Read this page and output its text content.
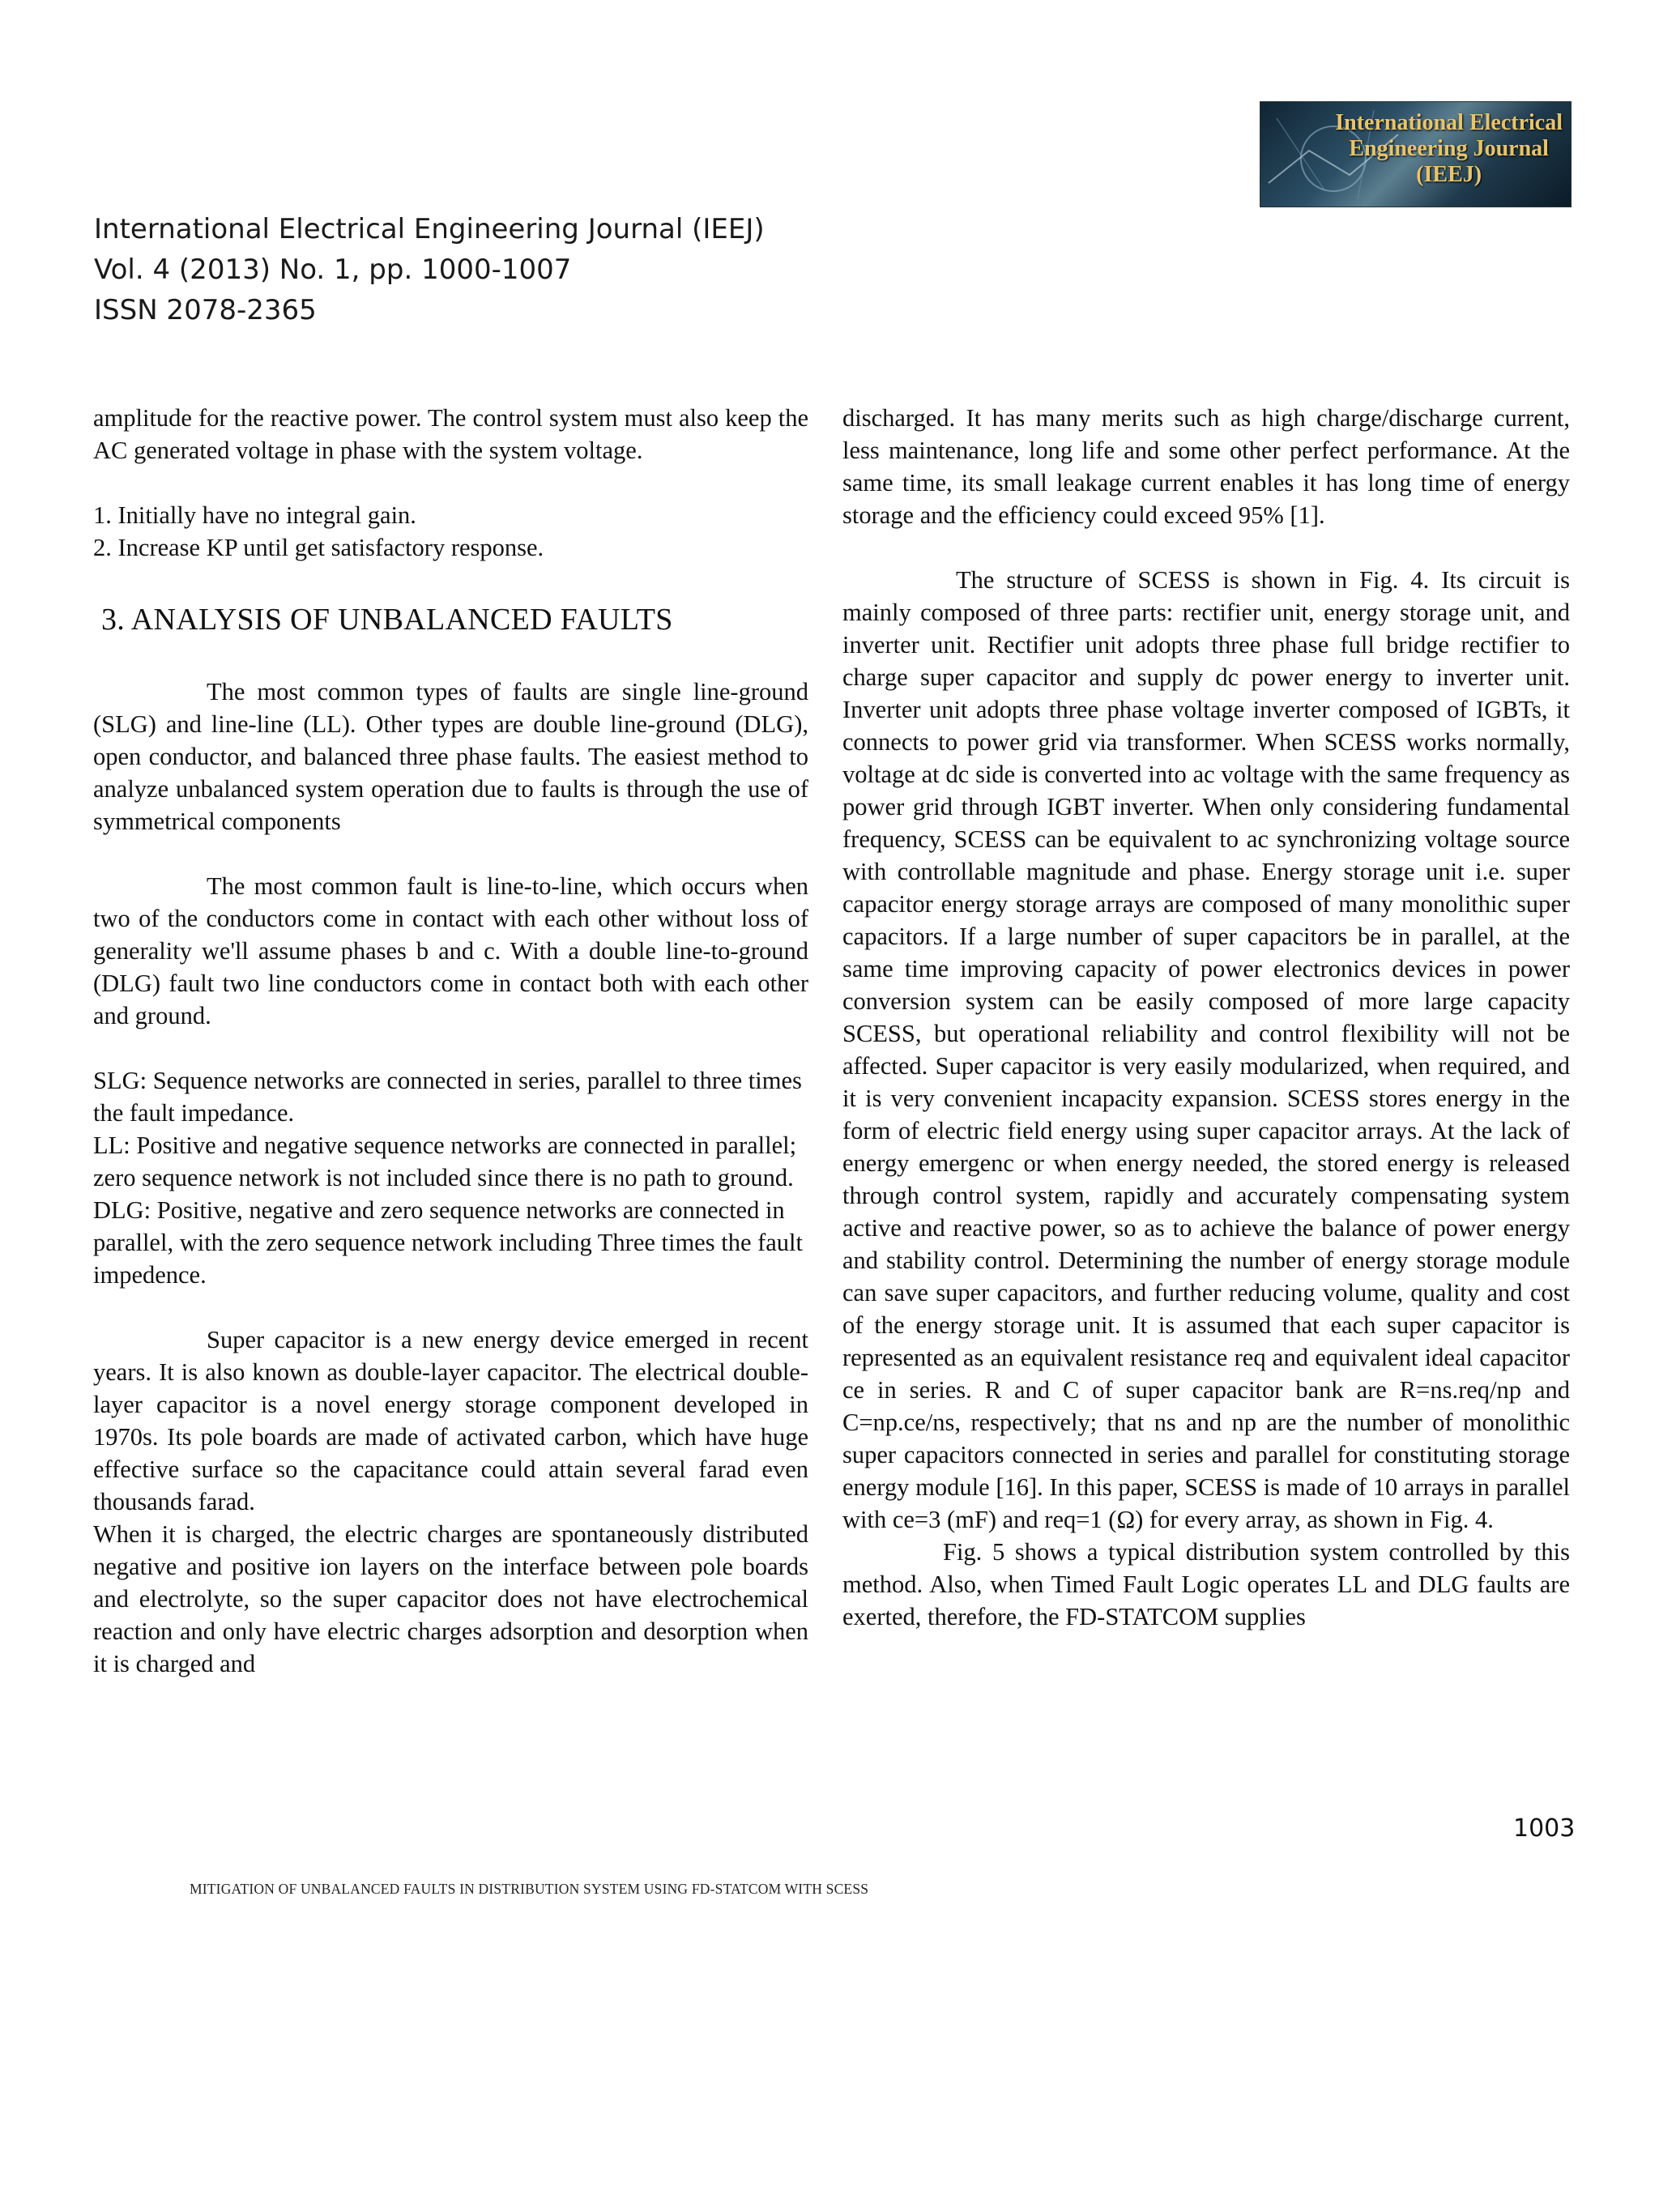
International Electrical
Engineering Journal
(IEEJ)
International Electrical Engineering Journal (IEEJ)
Vol. 4 (2013) No. 1, pp. 1000-1007
ISSN 2078-2365

amplitude for the reactive power. The control system must also keep the AC generated voltage in phase with the system voltage.

1. Initially have no integral gain.

2. Increase KP until get satisfactory response.

3. ANALYSIS OF UNBALANCED FAULTS

The most common types of faults are single line-ground (SLG) and line-line (LL). Other types are double line-ground (DLG), open conductor, and balanced three phase faults. The easiest method to analyze unbalanced system operation due to faults is through the use of symmetrical components

The most common fault is line-to-line, which occurs when two of the conductors come in contact with each other without loss of generality we'll assume phases b and c. With a double line-to-ground (DLG) fault two line conductors come in contact both with each other and ground.

SLG: Sequence networks are connected in series, parallel to three times the fault impedance.

LL: Positive and negative sequence networks are connected in parallel; zero sequence network is not included since there is no path to ground.

DLG: Positive, negative and zero sequence networks are connected in parallel, with the zero sequence network including Three times the fault impedence.

Super capacitor is a new energy device emerged in recent years. It is also known as double-layer capacitor. The electrical double-layer capacitor is a novel energy storage component developed in 1970s. Its pole boards are made of activated carbon, which have huge effective surface so the capacitance could attain several farad even thousands farad.

When it is charged, the electric charges are spontaneously distributed negative and positive ion layers on the interface between pole boards and electrolyte, so the super capacitor does not have electrochemical reaction and only have electric charges adsorption and desorption when it is charged and

discharged. It has many merits such as high charge/discharge current, less maintenance, long life and some other perfect performance. At the same time, its small leakage current enables it has long time of energy storage and the efficiency could exceed 95% [1].

The structure of SCESS is shown in Fig. 4. Its circuit is mainly composed of three parts: rectifier unit, energy storage unit, and inverter unit. Rectifier unit adopts three phase full bridge rectifier to charge super capacitor and supply dc power energy to inverter unit. Inverter unit adopts three phase voltage inverter composed of IGBTs, it connects to power grid via transformer. When SCESS works normally, voltage at dc side is converted into ac voltage with the same frequency as power grid through IGBT inverter. When only considering fundamental frequency, SCESS can be equivalent to ac synchronizing voltage source with controllable magnitude and phase. Energy storage unit i.e. super capacitor energy storage arrays are composed of many monolithic super capacitors. If a large number of super capacitors be in parallel, at the same time improving capacity of power electronics devices in power conversion system can be easily composed of more large capacity SCESS, but operational reliability and control flexibility will not be affected. Super capacitor is very easily modularized, when required, and it is very convenient incapacity expansion. SCESS stores energy in the form of electric field energy using super capacitor arrays. At the lack of energy emergenc or when energy needed, the stored energy is released through control system, rapidly and accurately compensating system active and reactive power, so as to achieve the balance of power energy and stability control. Determining the number of energy storage module can save super capacitors, and further reducing volume, quality and cost of the energy storage unit. It is assumed that each super capacitor is represented as an equivalent resistance req and equivalent ideal capacitor ce in series. R and C of super capacitor bank are R=ns.req/np and C=np.ce/ns, respectively; that ns and np are the number of monolithic super capacitors connected in series and parallel for constituting storage energy module [16]. In this paper, SCESS is made of 10 arrays in parallel with ce=3 (mF) and req=1 (Ω) for every array, as shown in Fig. 4.

Fig. 5 shows a typical distribution system controlled by this method. Also, when Timed Fault Logic operates LL and DLG faults are exerted, therefore, the FD-STATCOM supplies

1003
MITIGATION OF UNBALANCED FAULTS IN DISTRIBUTION SYSTEM USING FD-STATCOM WITH SCESS
